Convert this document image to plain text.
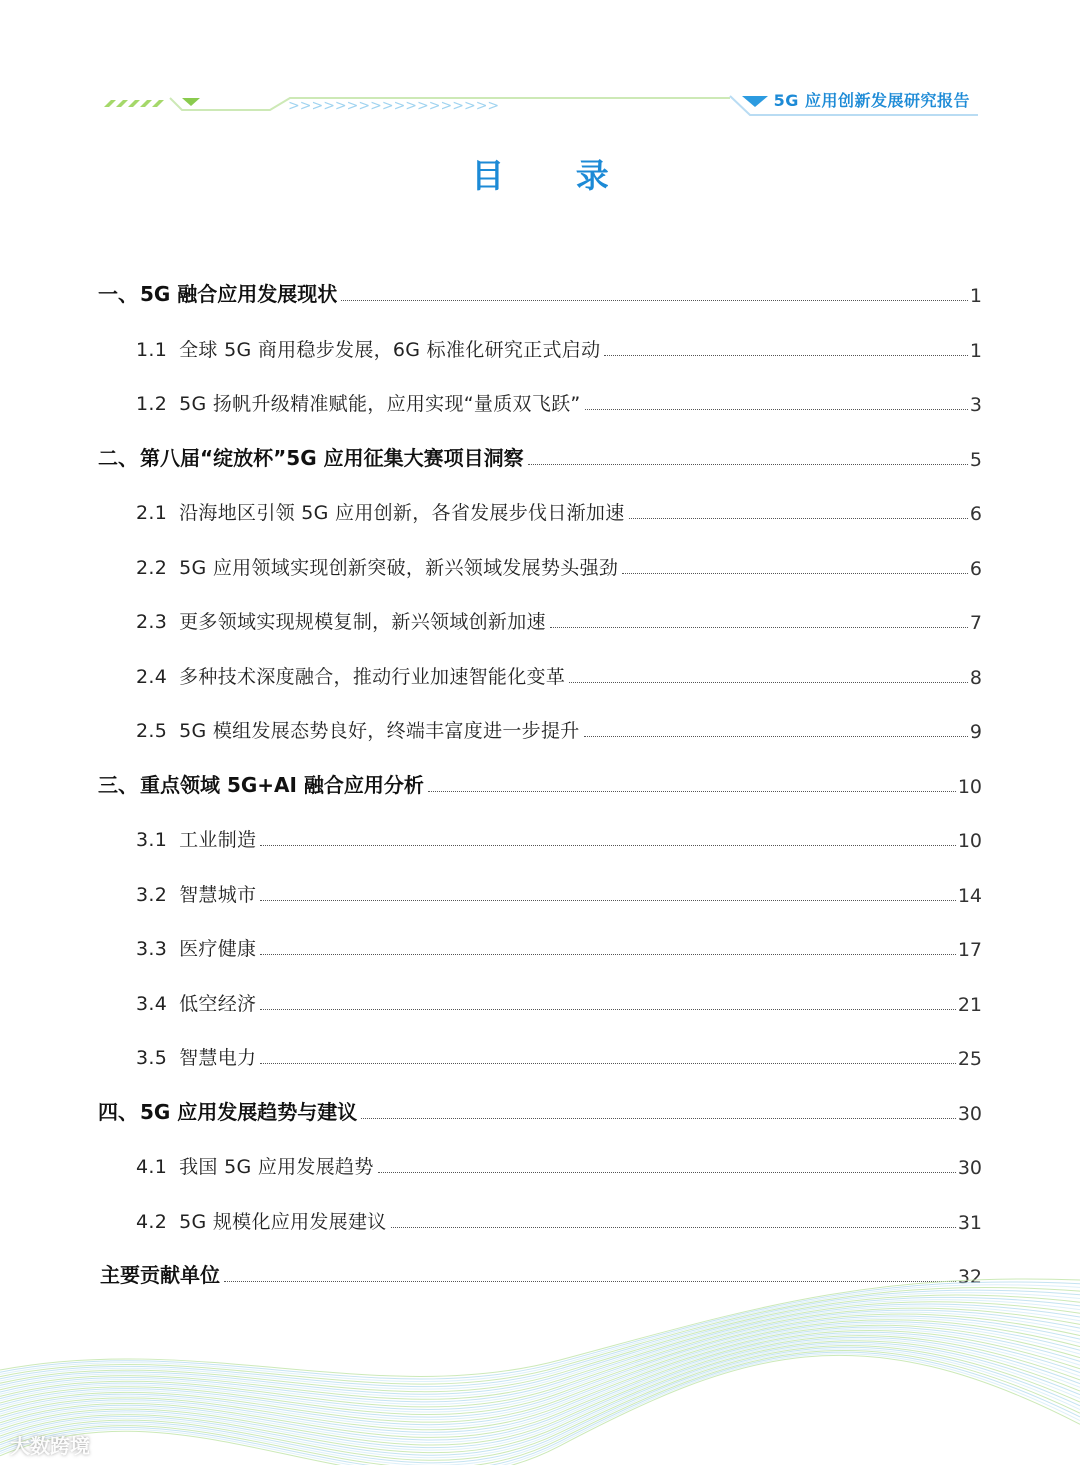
>>>>>>>>>>>>>>>>>>	5G 应用创新发展研究报告
目 录
一、 5G 融合应用发展现状	1
1.1 全球 5G 商用稳步发展，6G 标准化研究正式启动	1
1.2 5G 扬帆升级精准赋能，应用实现“量质双飞跃”	3
二、 第八届“绽放杯”5G 应用征集大赛项目洞察	5
2.1 沿海地区引领 5G 应用创新，各省发展步伐日渐加速	6
2.2 5G 应用领域实现创新突破，新兴领域发展势头强劲	6
2.3 更多领域实现规模复制，新兴领域创新加速	7
2.4 多种技术深度融合，推动行业加速智能化变革	8
2.5 5G 模组发展态势良好，终端丰富度进一步提升	9
三、 重点领域 5G+AI 融合应用分析	10
3.1 工业制造	10
3.2 智慧城市	14
3.3 医疗健康	17
3.4 低空经济	21
3.5 智慧电力	25
四、 5G 应用发展趋势与建议	30
4.1 我国 5G 应用发展趋势	30
4.2 5G 规模化应用发展建议	31
主要贡献单位	32
大数跨境
